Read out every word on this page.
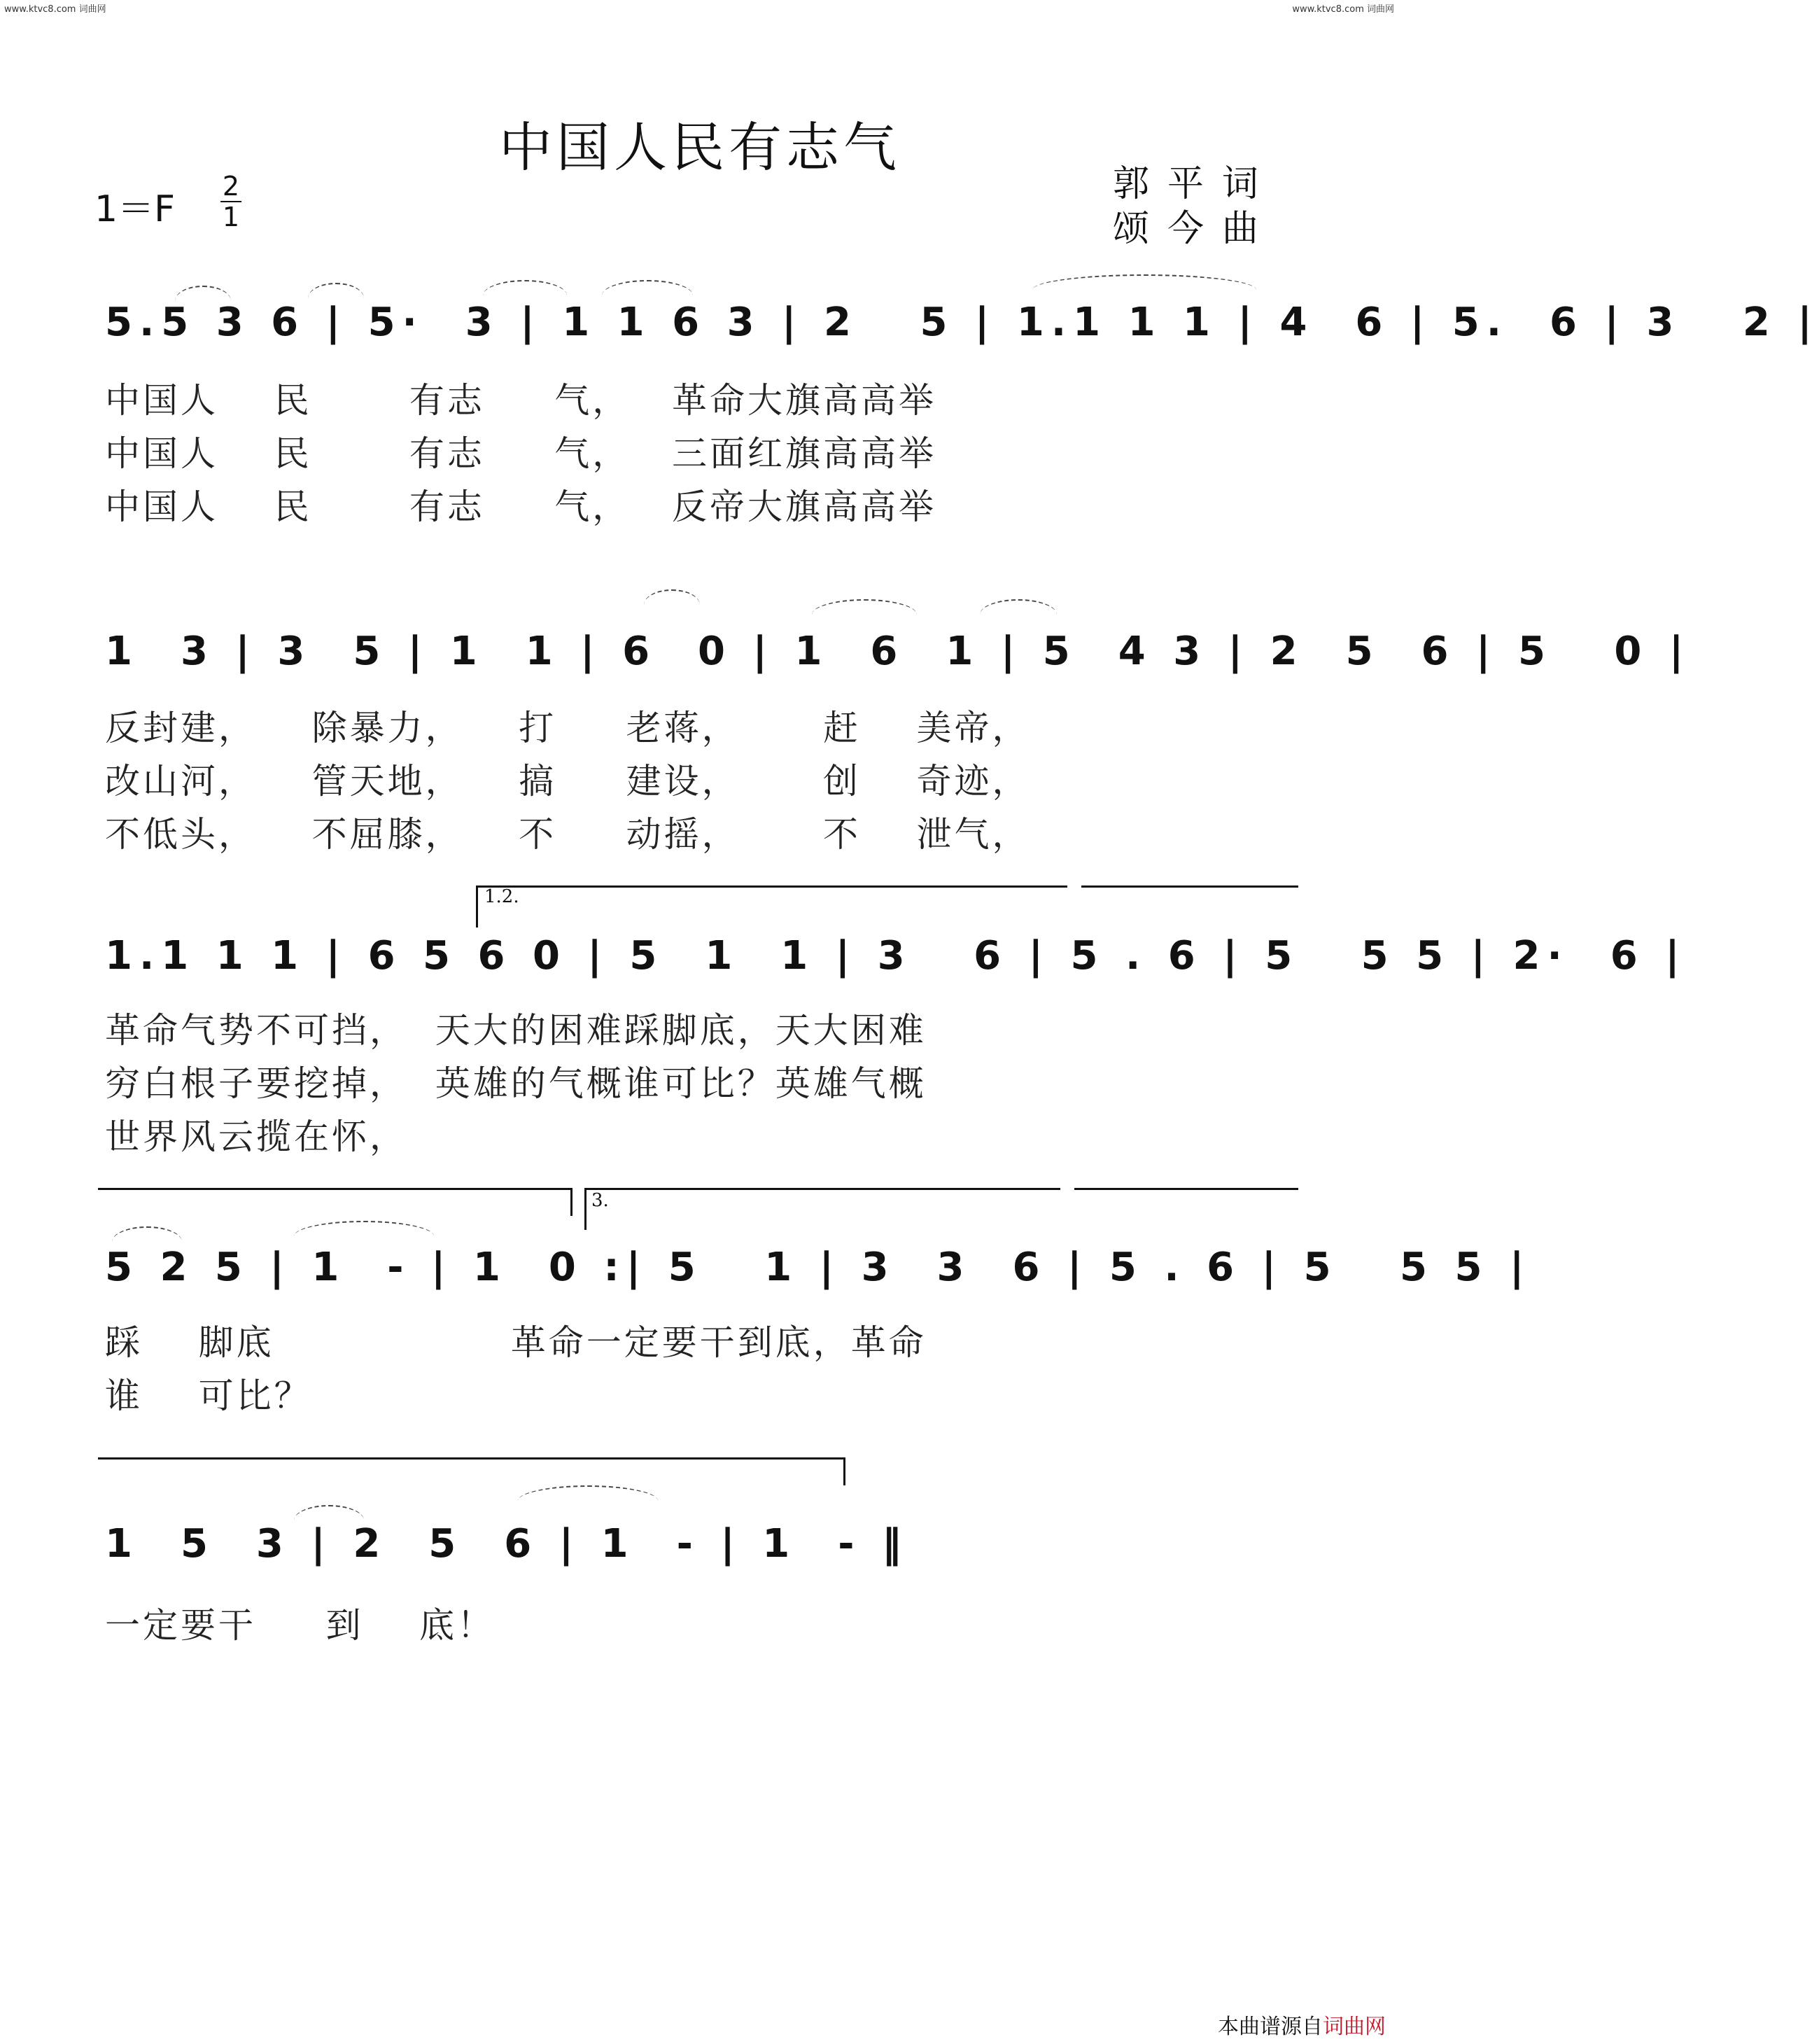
www.ktvc8.com 词曲网	www.ktvc8.com 词曲网
中国人民有志气
1＝F
2
1
郭平词
颂今曲
5.5 3 6 | 5·  3 | 1 1 6 3 | 2   5 | 1.1 1 1 | 4  6 | 5.  6 | 3   2 |
中国人    民       有志     气，   革命大旗高高举
中国人    民       有志     气，   三面红旗高高举
中国人    民       有志     气，   反帝大旗高高举
1  3 | 3  5 | 1  1 | 6  0 | 1  6  1 | 5  4 3 | 2  5  6 | 5   0 |
反封建，    除暴力，    打     老蒋，      赶    美帝，
改山河，    管天地，    搞     建设，      创    奇迹，
不低头，    不屈膝，    不     动摇，      不    泄气，
1.2.
1.1 1 1 | 6 5 6 0 | 5  1  1 | 3   6 | 5 . 6 | 5   5 5 | 2·  6 |
革命气势不可挡，  天大的困难踩脚底，天大困难
穷白根子要挖掉，  英雄的气概谁可比？英雄气概
世界风云揽在怀，
3.
5 2 5 | 1  - | 1  0 :| 5   1 | 3  3  6 | 5 . 6 | 5   5 5 |
踩    脚底                 革命一定要干到底，革命
谁    可比？
1  5  3 | 2  5  6 | 1  - | 1  - ‖
一定要干     到    底！
本曲谱源自词曲网
